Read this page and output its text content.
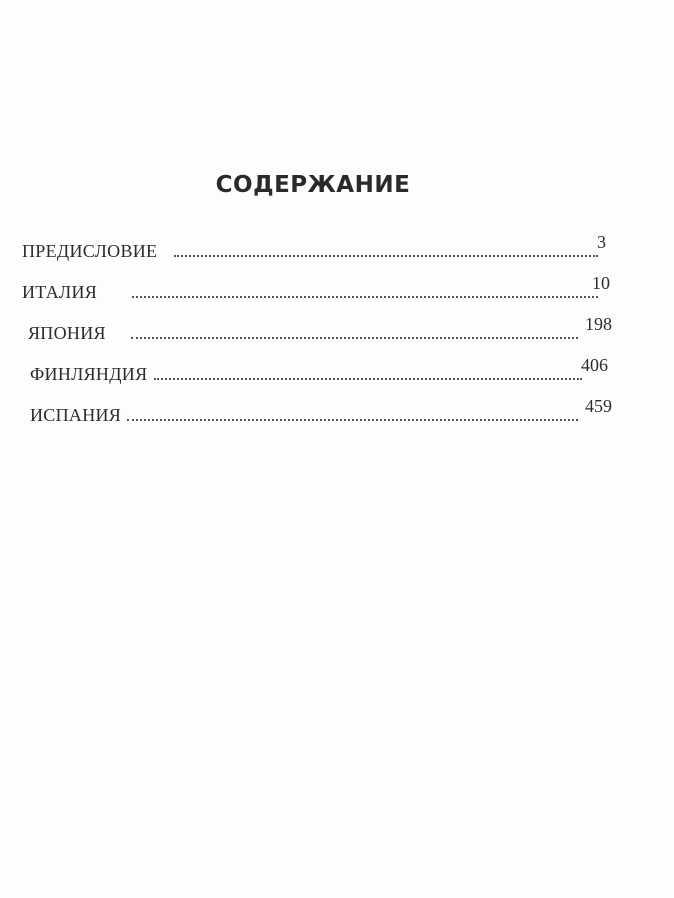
СОДЕРЖАНИЕ
ПРЕДИСЛОВИЕ	3
ИТАЛИЯ	10
ЯПОНИЯ	198
ФИНЛЯНДИЯ	406
ИСПАНИЯ	459
